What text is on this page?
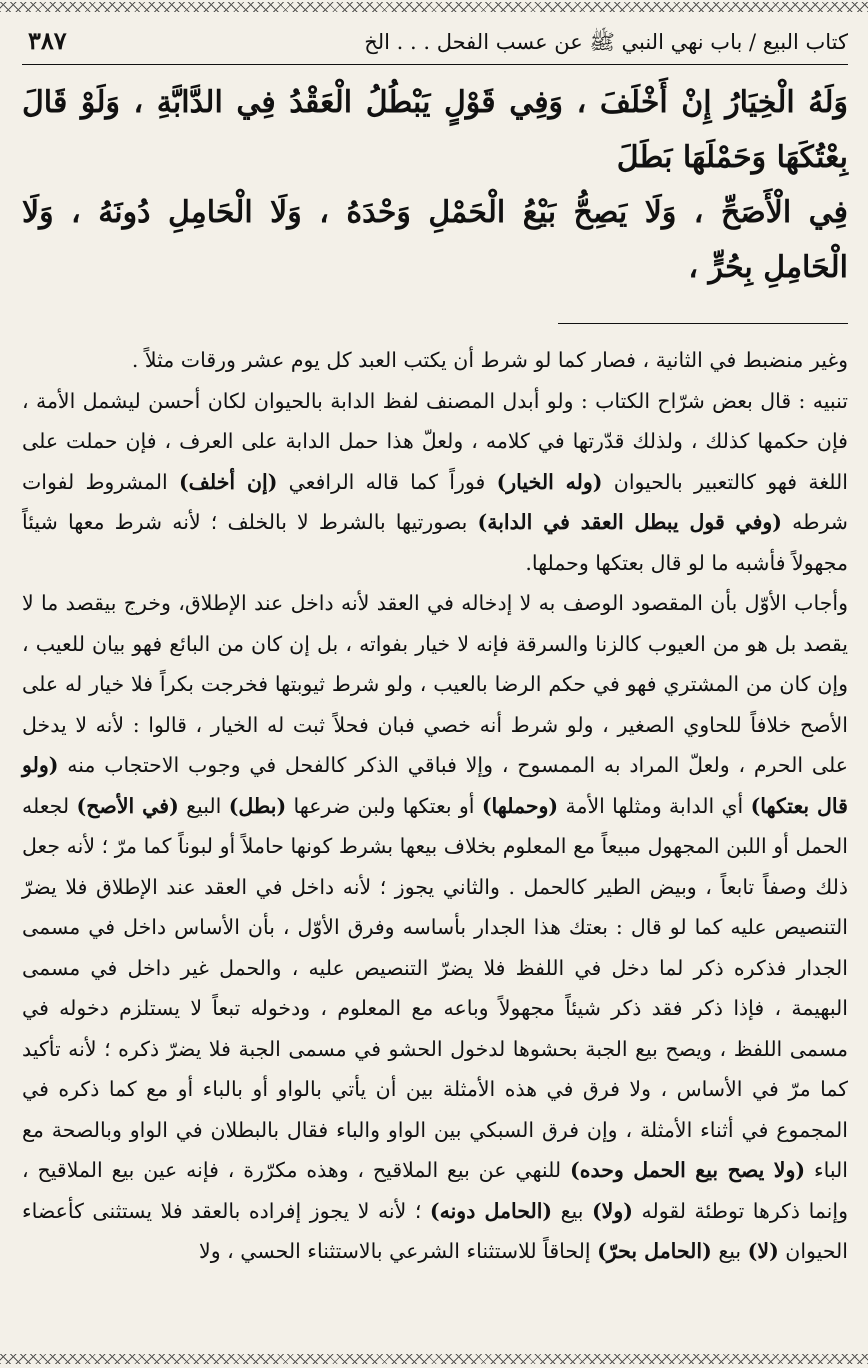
كتاب البيع / باب نهي النبي ﷺ عن عسب الفحل . . . الخ
٣٨٧
وَلَهُ الْخِيَارُ إِنْ أَخْلَفَ ، وَفِي قَوْلٍ يَبْطُلُ الْعَقْدُ فِي الدَّابَّةِ ، وَلَوْ قَالَ بِعْتُكَهَا وَحَمْلَهَا بَطَلَ
فِي الْأَصَحِّ ، وَلَا يَصِحُّ بَيْعُ الْحَمْلِ وَحْدَهُ ، وَلَا الْحَامِلِ دُونَهُ ، وَلَا الْحَامِلِ بِحُرٍّ ،

وغير منضبط في الثانية ، فصار كما لو شرط أن يكتب العبد كل يوم عشر ورقات مثلاً .

تنبيه : قال بعض شرّاح الكتاب : ولو أبدل المصنف لفظ الدابة بالحيوان لكان أحسن ليشمل الأمة ، فإن حكمها كذلك ، ولذلك قدّرتها في كلامه ، ولعلّ هذا حمل الدابة على العرف ، فإن حملت على اللغة فهو كالتعبير بالحيوان (وله الخيار) فوراً كما قاله الرافعي (إن أخلف) المشروط لفوات شرطه (وفي قول يبطل العقد في الدابة) بصورتيها بالشرط لا بالخلف ؛ لأنه شرط معها شيئاً مجهولاً فأشبه ما لو قال بعتكها وحملها.

وأجاب الأوّل بأن المقصود الوصف به لا إدخاله في العقد لأنه داخل عند الإطلاق، وخرج بيقصد ما لا يقصد بل هو من العيوب كالزنا والسرقة فإنه لا خيار بفواته ، بل إن كان من البائع فهو بيان للعيب ، وإن كان من المشتري فهو في حكم الرضا بالعيب ، ولو شرط ثيوبتها فخرجت بكراً فلا خيار له على الأصح خلافاً للحاوي الصغير ، ولو شرط أنه خصي فبان فحلاً ثبت له الخيار ، قالوا : لأنه لا يدخل على الحرم ، ولعلّ المراد به الممسوح ، وإلا فباقي الذكر كالفحل في وجوب الاحتجاب منه (ولو قال بعتكها) أي الدابة ومثلها الأمة (وحملها) أو بعتكها ولبن ضرعها (بطل) البيع (في الأصح) لجعله الحمل أو اللبن المجهول مبيعاً مع المعلوم بخلاف بيعها بشرط كونها حاملاً أو لبوناً كما مرّ ؛ لأنه جعل ذلك وصفاً تابعاً ، وبيض الطير كالحمل . والثاني يجوز ؛ لأنه داخل في العقد عند الإطلاق فلا يضرّ التنصيص عليه كما لو قال : بعتك هذا الجدار بأساسه وفرق الأوّل ، بأن الأساس داخل في مسمى الجدار فذكره ذكر لما دخل في اللفظ فلا يضرّ التنصيص عليه ، والحمل غير داخل في مسمى البهيمة ، فإذا ذكر فقد ذكر شيئاً مجهولاً وباعه مع المعلوم ، ودخوله تبعاً لا يستلزم دخوله في مسمى اللفظ ، ويصح بيع الجبة بحشوها لدخول الحشو في مسمى الجبة فلا يضرّ ذكره ؛ لأنه تأكيد كما مرّ في الأساس ، ولا فرق في هذه الأمثلة بين أن يأتي بالواو أو بالباء أو مع كما ذكره في المجموع في أثناء الأمثلة ، وإن فرق السبكي بين الواو والباء فقال بالبطلان في الواو وبالصحة مع الباء (ولا يصح بيع الحمل وحده) للنهي عن بيع الملاقيح ، وهذه مكرّرة ، فإنه عين بيع الملاقيح ، وإنما ذكرها توطئة لقوله (ولا) بيع (الحامل دونه) ؛ لأنه لا يجوز إفراده بالعقد فلا يستثنى كأعضاء الحيوان (لا) بيع (الحامل بحرّ) إلحاقاً للاستثناء الشرعي بالاستثناء الحسي ، ولا
